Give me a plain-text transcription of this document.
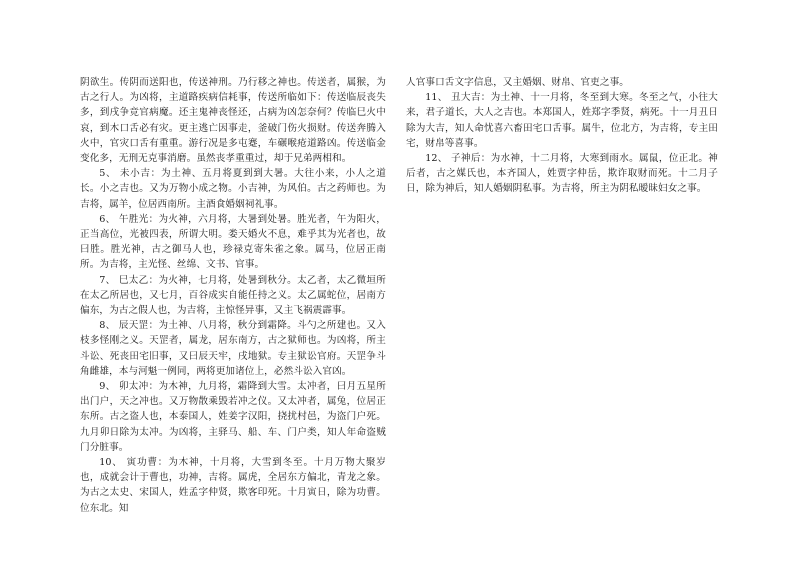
阴欲生。传阴而送阳也，传送神刑。乃行移之神也。传送者，属猴，为古之行人。为凶将，主道路疾病信耗事，传送所临如下：传送临辰丧失多，到戌争竞官病魔。还主鬼神丧怪还，占病为凶怎奈何？传临巳火中哀，到木口舌必有灾。更主逃亡因事走，釜破门伤火损财。传送奔腾入火中，官灾口舌有重重。游行况是多屯蹇，车碾喉疮道路凶。传送临金变化多，无刑无克事消磨。虽然丧孝重重过，却于兄弟两相和。

5、 未小吉：为土神、五月将夏到到大暑。大往小来，小人之道长。小之吉也。又为万物小成之物。小吉神，为风伯。古之药师也。为吉将，属羊，位居西南所。主酒食婚姻祠礼事。

6、 午胜光：为火神，六月将，大暑到处暑。胜光者，午为阳火，正当高位，光被四表，所谓大明。娄天婚火不息，难乎其为光者也，故曰胜。胜光神，古之御马人也，珍禄克寄朱雀之象。属马，位居正南所。为吉将，主光怪、丝绵、文书、官事。

7、 巳太乙：为火神，七月将，处暑到秋分。太乙者，太乙微垣所在太乙所居也，又七月，百谷成实自能任持之义。太乙属蛇位，居南方偏东，为古之假人也，为吉将，主惊怪异事，又主飞祸震霹事。

8、 辰天罡：为土神、八月将，秋分到霜降。斗勺之所建也。又入枝多怪刚之义。天罡者，属龙，居东南方，古之狱师也。为凶将，所主斗讼、死丧田宅旧事，又曰辰天牢，戌地狱。专主狱讼官府。天罡争斗角雌雄，本与河魁一例同，两将更加诸位上，必然斗讼入官凶。

9、 卯太冲：为木神，九月将，霜降到大雪。太冲者，曰月五星所出门户，天之冲也。又万物散乘毁若冲之仪。又太冲者，属兔，位居正东所。古之盗人也，本泰国人，姓姜字汉阳，挠扰村邑，为盗门户死。九月卯日除为太冲。为凶将，主驿马、船、车、门户类，知人年命盗贼门分脏事。

10、 寅功曹：为木神，十月将，大雪到冬至。十月万物大聚岁也，成就会计于曹也，功神，吉将。属虎，全居东方偏北，青龙之象。为古之太史、宋国人，姓孟字仲贤，欺客印死。十月寅日，除为功曹。位东北。知

人官事口舌文字信息，又主婚姻、财帛、官吏之事。

11、 丑大吉：为土神、十一月将，冬至到大寒。冬至之气，小往大来，君子道长，大人之吉也。本郑国人，姓郑字季贤，病死。十一月丑日除为大吉，知人命忧喜六畜田宅口舌事。属牛，位北方，为吉将，专主田宅，财帛等喜事。

12、 子神后：为水神，十二月将，大寒到雨水。属鼠，位正北。神后者，古之媒氏也，本齐国人，姓贾字仲岳，欺诈取财而死。十二月子日，除为神后，知人婚姻阴私事。为吉将，所主为阴私暧昧妇女之事。
